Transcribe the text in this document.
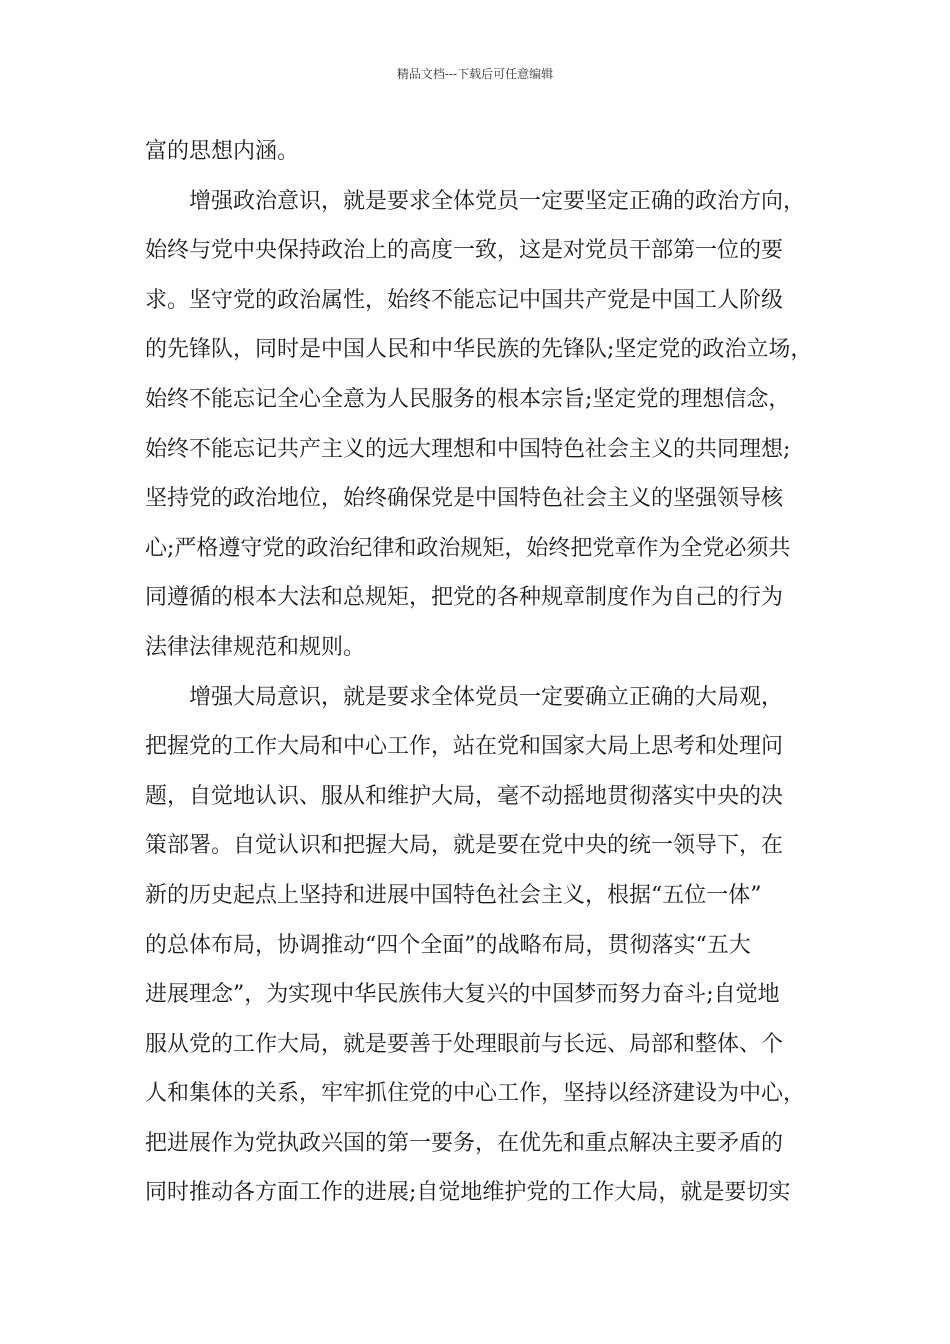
精品文档---下载后可任意编辑
富的思想内涵。
增强政治意识，就是要求全体党员一定要坚定正确的政治方向，
始终与党中央保持政治上的高度一致，这是对党员干部第一位的要
求。坚守党的政治属性，始终不能忘记中国共产党是中国工人阶级
的先锋队，同时是中国人民和中华民族的先锋队;坚定党的政治立场，
始终不能忘记全心全意为人民服务的根本宗旨;坚定党的理想信念，
始终不能忘记共产主义的远大理想和中国特色社会主义的共同理想;
坚持党的政治地位，始终确保党是中国特色社会主义的坚强领导核
心;严格遵守党的政治纪律和政治规矩，始终把党章作为全党必须共
同遵循的根本大法和总规矩，把党的各种规章制度作为自己的行为
法律法律规范和规则。
增强大局意识，就是要求全体党员一定要确立正确的大局观，
把握党的工作大局和中心工作，站在党和国家大局上思考和处理问
题，自觉地认识、服从和维护大局，毫不动摇地贯彻落实中央的决
策部署。自觉认识和把握大局，就是要在党中央的统一领导下，在
新的历史起点上坚持和进展中国特色社会主义，根据“五位一体”
的总体布局，协调推动“四个全面”的战略布局，贯彻落实“五大
进展理念”，为实现中华民族伟大复兴的中国梦而努力奋斗;自觉地
服从党的工作大局，就是要善于处理眼前与长远、局部和整体、个
人和集体的关系，牢牢抓住党的中心工作，坚持以经济建设为中心，
把进展作为党执政兴国的第一要务，在优先和重点解决主要矛盾的
同时推动各方面工作的进展;自觉地维护党的工作大局，就是要切实
